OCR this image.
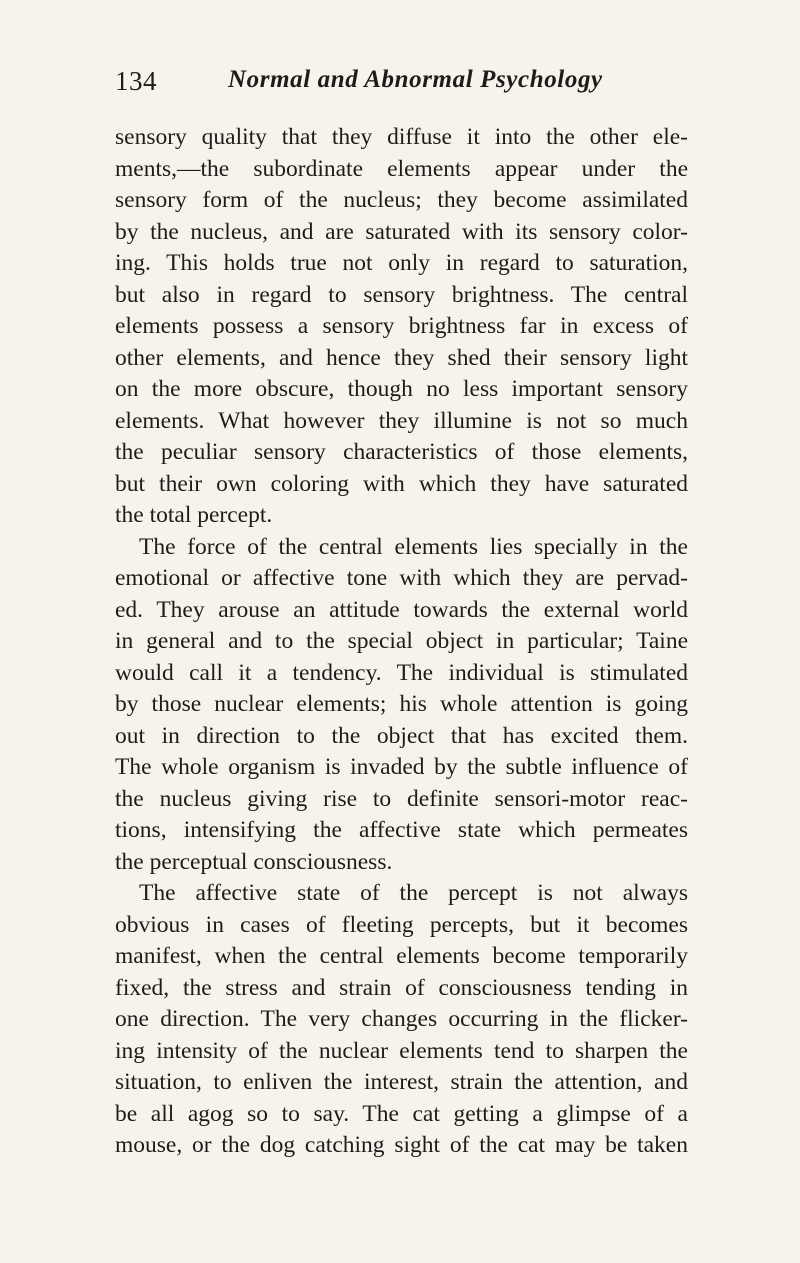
134	Normal and Abnormal Psychology
sensory quality that they diffuse it into the other ele-
ments,—the subordinate elements appear under the
sensory form of the nucleus; they become assimilated
by the nucleus, and are saturated with its sensory color-
ing. This holds true not only in regard to saturation,
but also in regard to sensory brightness. The central
elements possess a sensory brightness far in excess of
other elements, and hence they shed their sensory light
on the more obscure, though no less important sensory
elements. What however they illumine is not so much
the peculiar sensory characteristics of those elements,
but their own coloring with which they have saturated
the total percept.
The force of the central elements lies specially in the
emotional or affective tone with which they are pervad-
ed. They arouse an attitude towards the external world
in general and to the special object in particular; Taine
would call it a tendency. The individual is stimulated
by those nuclear elements; his whole attention is going
out in direction to the object that has excited them.
The whole organism is invaded by the subtle influence of
the nucleus giving rise to definite sensori-motor reac-
tions, intensifying the affective state which permeates
the perceptual consciousness.
The affective state of the percept is not always
obvious in cases of fleeting percepts, but it becomes
manifest, when the central elements become temporarily
fixed, the stress and strain of consciousness tending in
one direction. The very changes occurring in the flicker-
ing intensity of the nuclear elements tend to sharpen the
situation, to enliven the interest, strain the attention, and
be all agog so to say. The cat getting a glimpse of a
mouse, or the dog catching sight of the cat may be taken
